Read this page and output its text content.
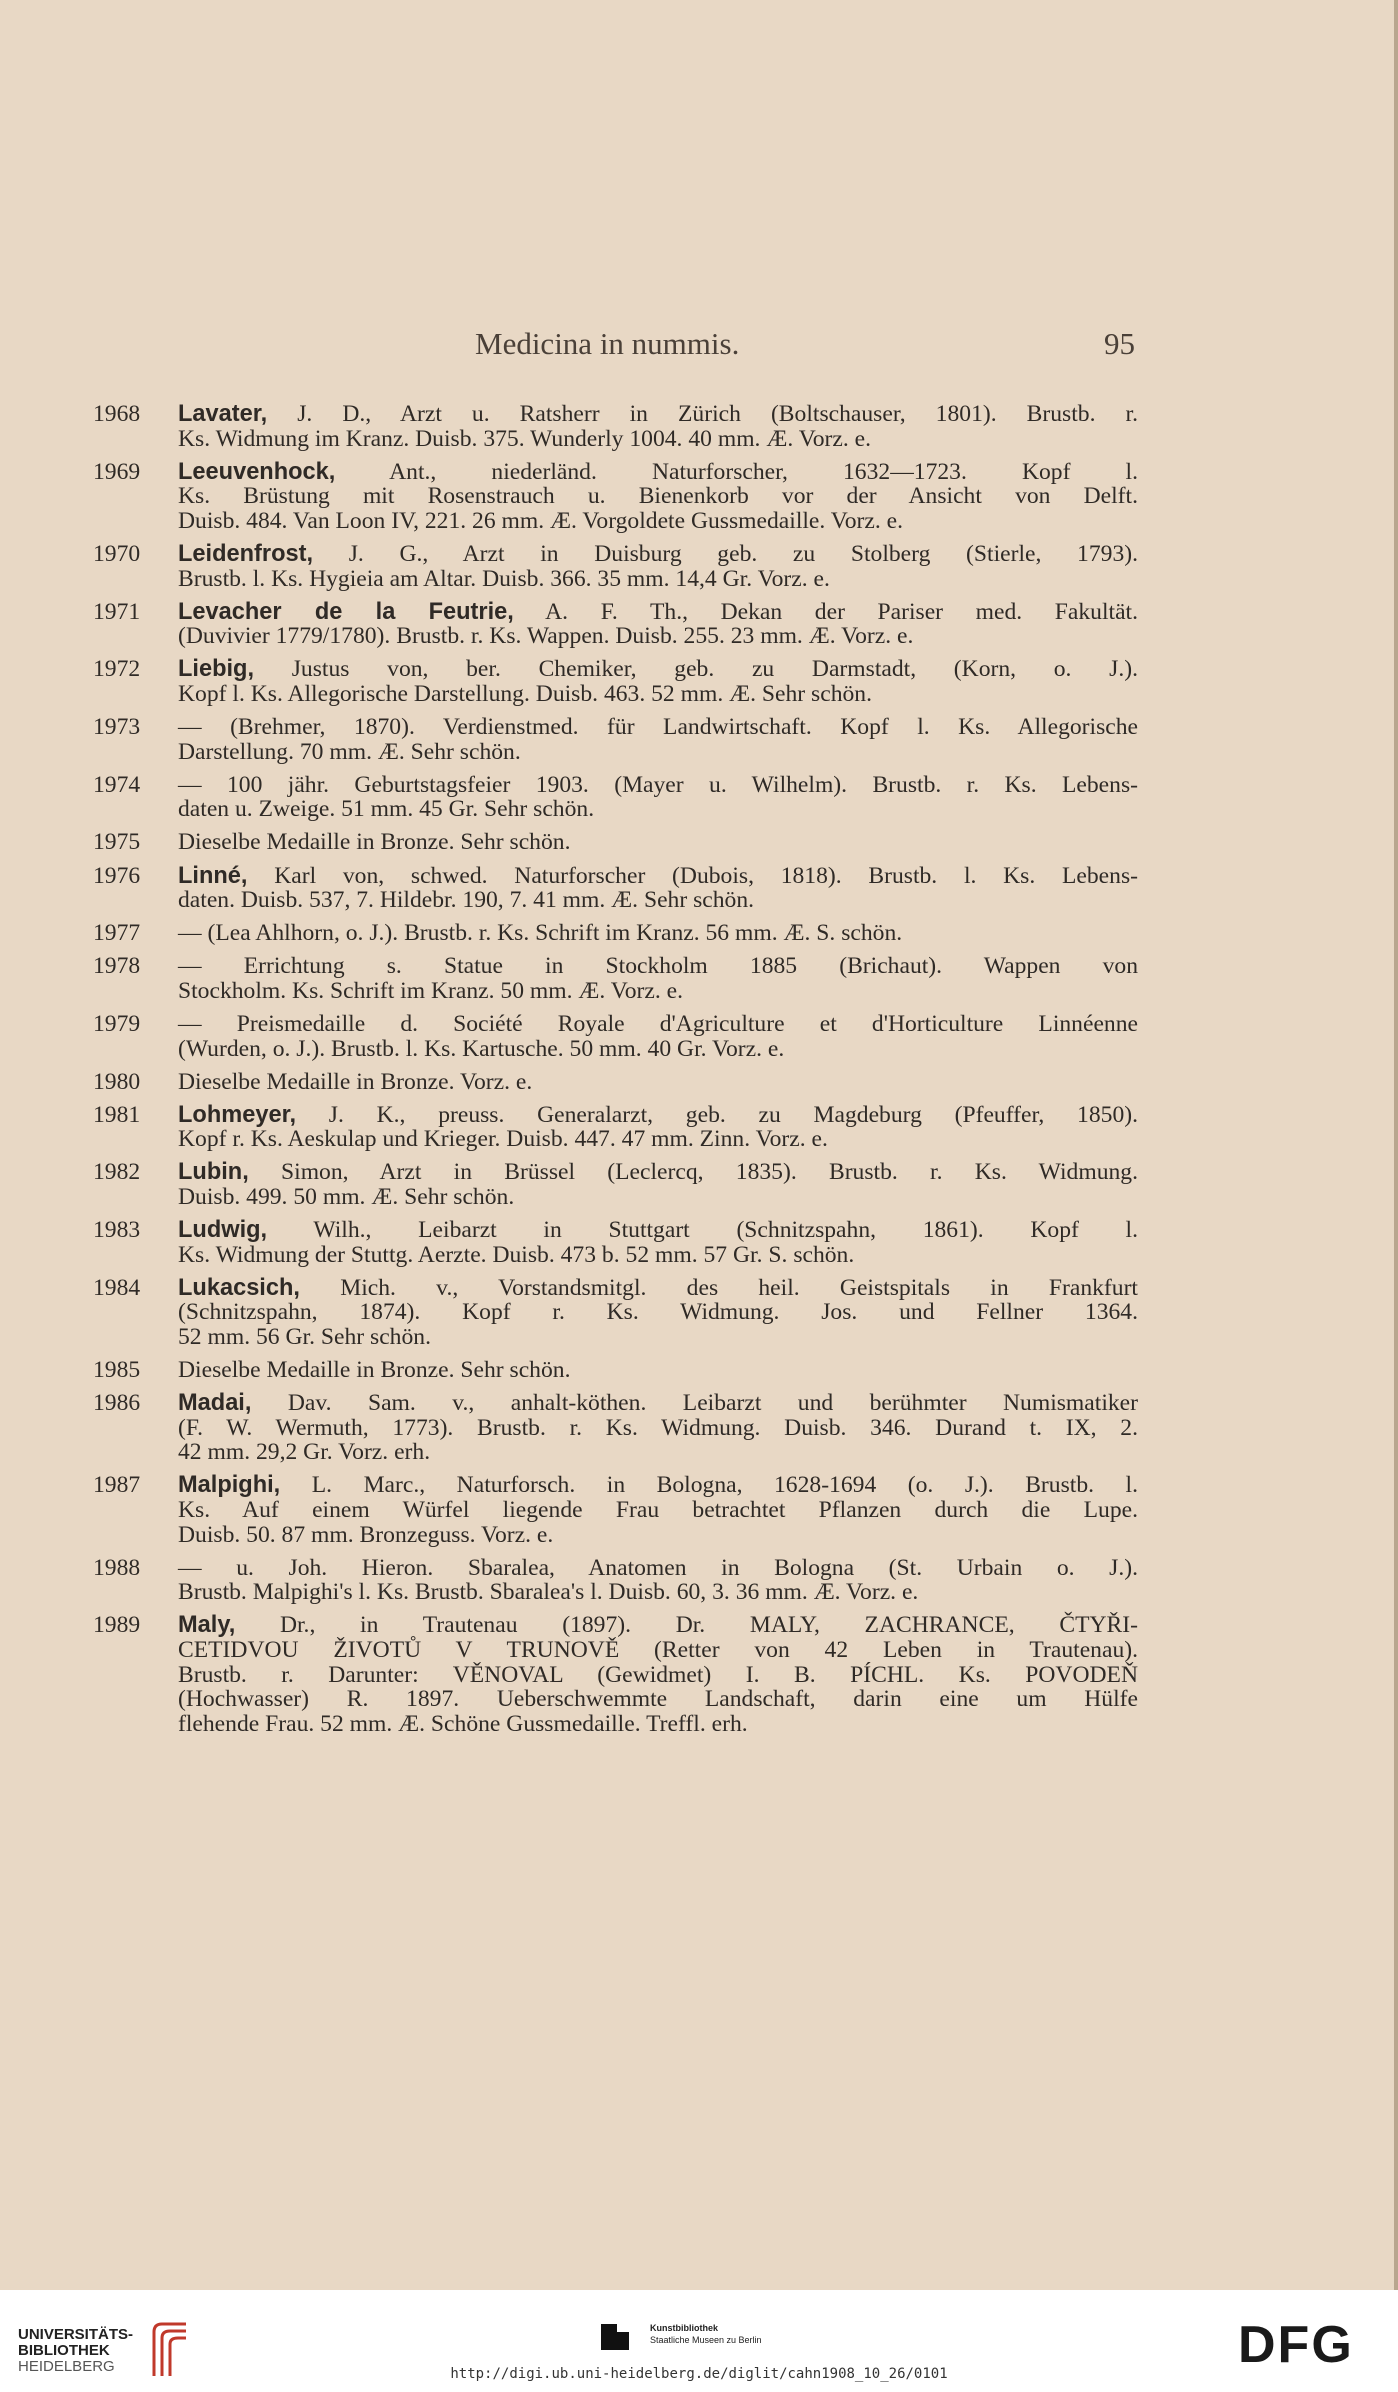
Medicina in nummis.	95
1968	Lavater, J. D., Arzt u. Ratsherr in Zürich (Boltschauser, 1801). Brustb. r.
Ks. Widmung im Kranz. Duisb. 375. Wunderly 1004. 40 mm. Æ. Vorz. e.
1969	Leeuvenhock, Ant., niederländ. Naturforscher, 1632—1723. Kopf l.
Ks. Brüstung mit Rosenstrauch u. Bienenkorb vor der Ansicht von Delft.
Duisb. 484. Van Loon IV, 221. 26 mm. Æ. Vorgoldete Gussmedaille. Vorz. e.
1970	Leidenfrost, J. G., Arzt in Duisburg geb. zu Stolberg (Stierle, 1793).
Brustb. l. Ks. Hygieia am Altar. Duisb. 366. 35 mm. 14,4 Gr. Vorz. e.
1971	Levacher de la Feutrie, A. F. Th., Dekan der Pariser med. Fakultät.
(Duvivier 1779/1780). Brustb. r. Ks. Wappen. Duisb. 255. 23 mm. Æ. Vorz. e.
1972	Liebig, Justus von, ber. Chemiker, geb. zu Darmstadt, (Korn, o. J.).
Kopf l. Ks. Allegorische Darstellung. Duisb. 463. 52 mm. Æ. Sehr schön.
1973	— (Brehmer, 1870). Verdienstmed. für Landwirtschaft. Kopf l. Ks. Allegorische
Darstellung. 70 mm. Æ. Sehr schön.
1974	— 100 jähr. Geburtstagsfeier 1903. (Mayer u. Wilhelm). Brustb. r. Ks. Lebens-
daten u. Zweige. 51 mm. 45 Gr. Sehr schön.
1975	Dieselbe Medaille in Bronze. Sehr schön.
1976	Linné, Karl von, schwed. Naturforscher (Dubois, 1818). Brustb. l. Ks. Lebens-
daten. Duisb. 537, 7. Hildebr. 190, 7. 41 mm. Æ. Sehr schön.
1977	— (Lea Ahlhorn, o. J.). Brustb. r. Ks. Schrift im Kranz. 56 mm. Æ. S. schön.
1978	— Errichtung s. Statue in Stockholm 1885 (Brichaut). Wappen von
Stockholm. Ks. Schrift im Kranz. 50 mm. Æ. Vorz. e.
1979	— Preismedaille d. Société Royale d'Agriculture et d'Horticulture Linnéenne
(Wurden, o. J.). Brustb. l. Ks. Kartusche. 50 mm. 40 Gr. Vorz. e.
1980	Dieselbe Medaille in Bronze. Vorz. e.
1981	Lohmeyer, J. K., preuss. Generalarzt, geb. zu Magdeburg (Pfeuffer, 1850).
Kopf r. Ks. Aeskulap und Krieger. Duisb. 447. 47 mm. Zinn. Vorz. e.
1982	Lubin, Simon, Arzt in Brüssel (Leclercq, 1835). Brustb. r. Ks. Widmung.
Duisb. 499. 50 mm. Æ. Sehr schön.
1983	Ludwig, Wilh., Leibarzt in Stuttgart (Schnitzspahn, 1861). Kopf l.
Ks. Widmung der Stuttg. Aerzte. Duisb. 473 b. 52 mm. 57 Gr. S. schön.
1984	Lukacsich, Mich. v., Vorstandsmitgl. des heil. Geistspitals in Frankfurt
(Schnitzspahn, 1874). Kopf r. Ks. Widmung. Jos. und Fellner 1364.
52 mm. 56 Gr. Sehr schön.
1985	Dieselbe Medaille in Bronze. Sehr schön.
1986	Madai, Dav. Sam. v., anhalt-köthen. Leibarzt und berühmter Numismatiker
(F. W. Wermuth, 1773). Brustb. r. Ks. Widmung. Duisb. 346. Durand t. IX, 2.
42 mm. 29,2 Gr. Vorz. erh.
1987	Malpighi, L. Marc., Naturforsch. in Bologna, 1628-1694 (o. J.). Brustb. l.
Ks. Auf einem Würfel liegende Frau betrachtet Pflanzen durch die Lupe.
Duisb. 50. 87 mm. Bronzeguss. Vorz. e.
1988	— u. Joh. Hieron. Sbaralea, Anatomen in Bologna (St. Urbain o. J.).
Brustb. Malpighi's l. Ks. Brustb. Sbaralea's l. Duisb. 60, 3. 36 mm. Æ. Vorz. e.
1989	Maly, Dr., in Trautenau (1897). Dr. MALY, ZACHRANCE, ČTYŘI-
CETIDVOU ŽIVOTŮ V TRUNOVĚ (Retter von 42 Leben in Trautenau).
Brustb. r. Darunter: VĚNOVAL (Gewidmet) I. B. PÍCHL. Ks. POVODEŇ
(Hochwasser) R. 1897. Ueberschwemmte Landschaft, darin eine um Hülfe
flehende Frau. 52 mm. Æ. Schöne Gussmedaille. Treffl. erh.
UNIVERSITÄTS-
BIBLIOTHEK
HEIDELBERG
Kunstbibliothek
Staatliche Museen zu Berlin	DFG
http://digi.ub.uni-heidelberg.de/diglit/cahn1908_10_26/0101
